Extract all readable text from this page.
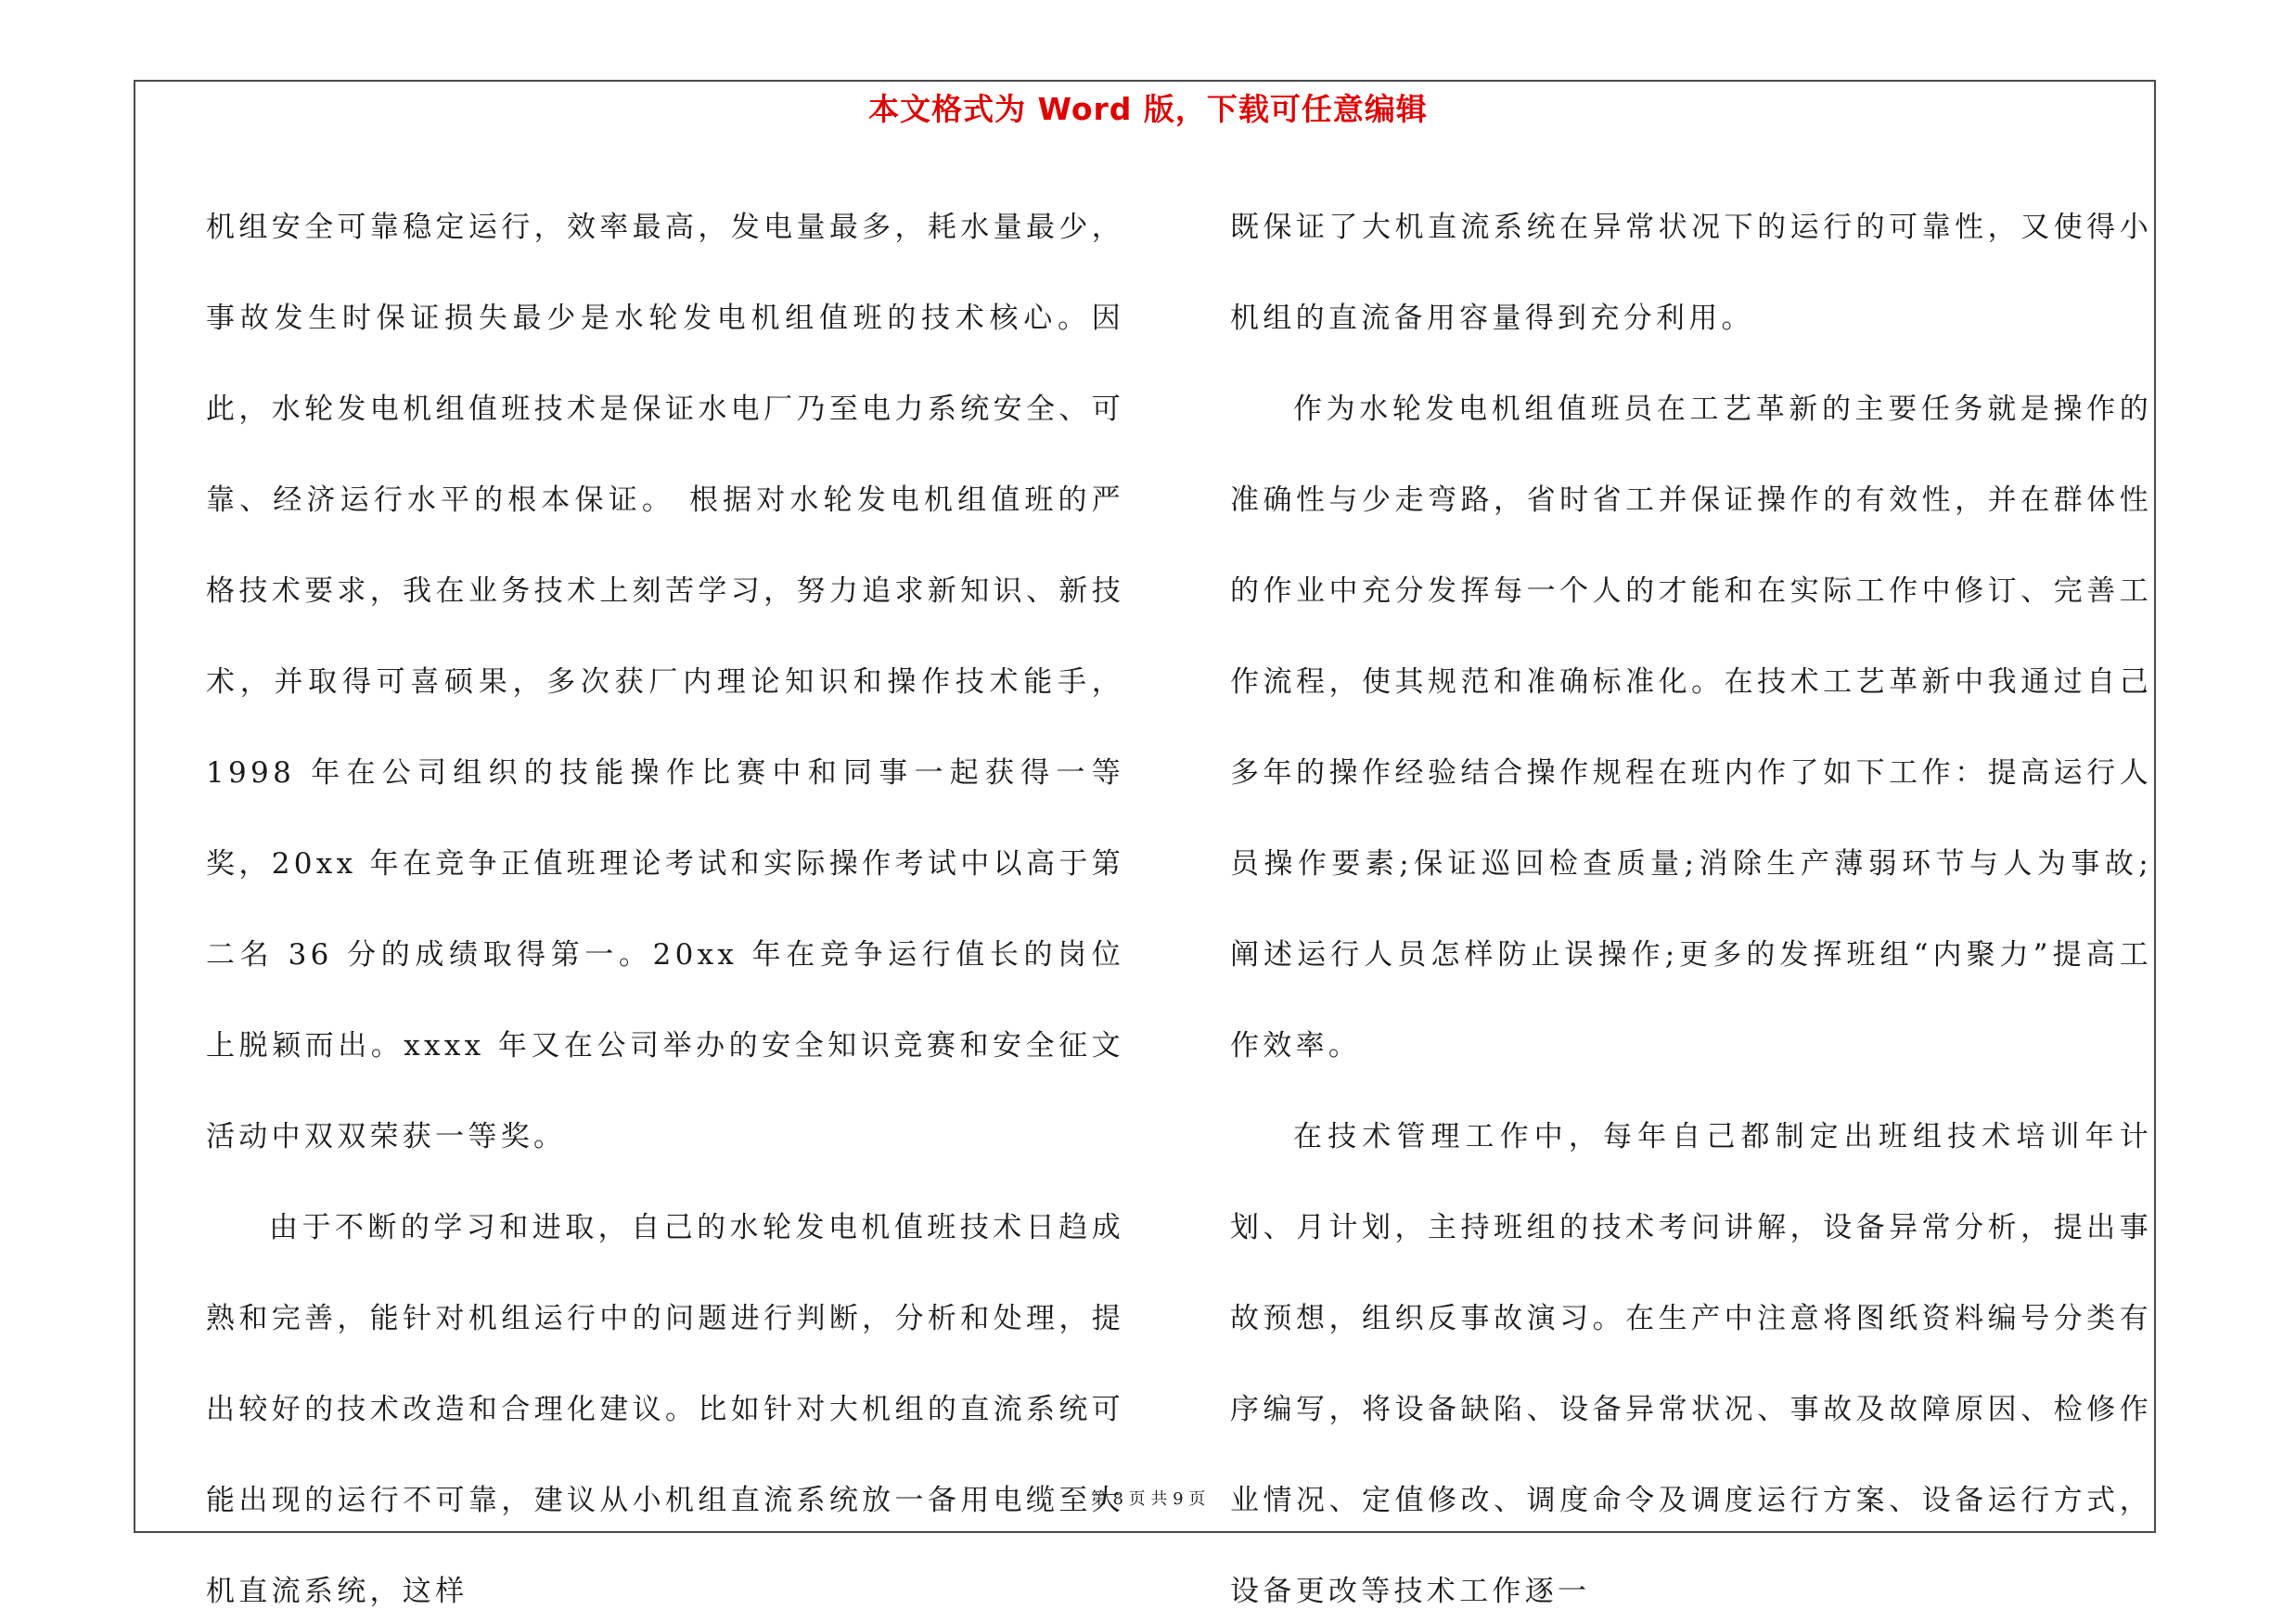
本文格式为 Word 版，下载可任意编辑

机组安全可靠稳定运行，效率最高，发电量最多，耗水量最少，事故发生时保证损失最少是水轮发电机组值班的技术核心。因此，水轮发电机组值班技术是保证水电厂乃至电力系统安全、可靠、经济运行水平的根本保证。 根据对水轮发电机组值班的严格技术要求，我在业务技术上刻苦学习，努力追求新知识、新技术，并取得可喜硕果，多次获厂内理论知识和操作技术能手，1998 年在公司组织的技能操作比赛中和同事一起获得一等奖，20xx 年在竞争正值班理论考试和实际操作考试中以高于第二名 36 分的成绩取得第一。20xx 年在竞争运行值长的岗位上脱颖而出。xxxx 年又在公司举办的安全知识竞赛和安全征文活动中双双荣获一等奖。

由于不断的学习和进取，自己的水轮发电机值班技术日趋成熟和完善，能针对机组运行中的问题进行判断，分析和处理，提出较好的技术改造和合理化建议。比如针对大机组的直流系统可能出现的运行不可靠，建议从小机组直流系统放一备用电缆至大机直流系统，这样

既保证了大机直流系统在异常状况下的运行的可靠性，又使得小机组的直流备用容量得到充分利用。

作为水轮发电机组值班员在工艺革新的主要任务就是操作的准确性与少走弯路，省时省工并保证操作的有效性，并在群体性的作业中充分发挥每一个人的才能和在实际工作中修订、完善工作流程，使其规范和准确标准化。在技术工艺革新中我通过自己多年的操作经验结合操作规程在班内作了如下工作：提高运行人员操作要素;保证巡回检查质量;消除生产薄弱环节与人为事故;阐述运行人员怎样防止误操作;更多的发挥班组“内聚力”提高工作效率。

在技术管理工作中，每年自己都制定出班组技术培训年计划、月计划，主持班组的技术考问讲解，设备异常分析，提出事故预想，组织反事故演习。在生产中注意将图纸资料编号分类有序编写，将设备缺陷、设备异常状况、事故及故障原因、检修作业情况、定值修改、调度命令及调度运行方案、设备运行方式，设备更改等技术工作逐一

第 8 页 共 9 页
